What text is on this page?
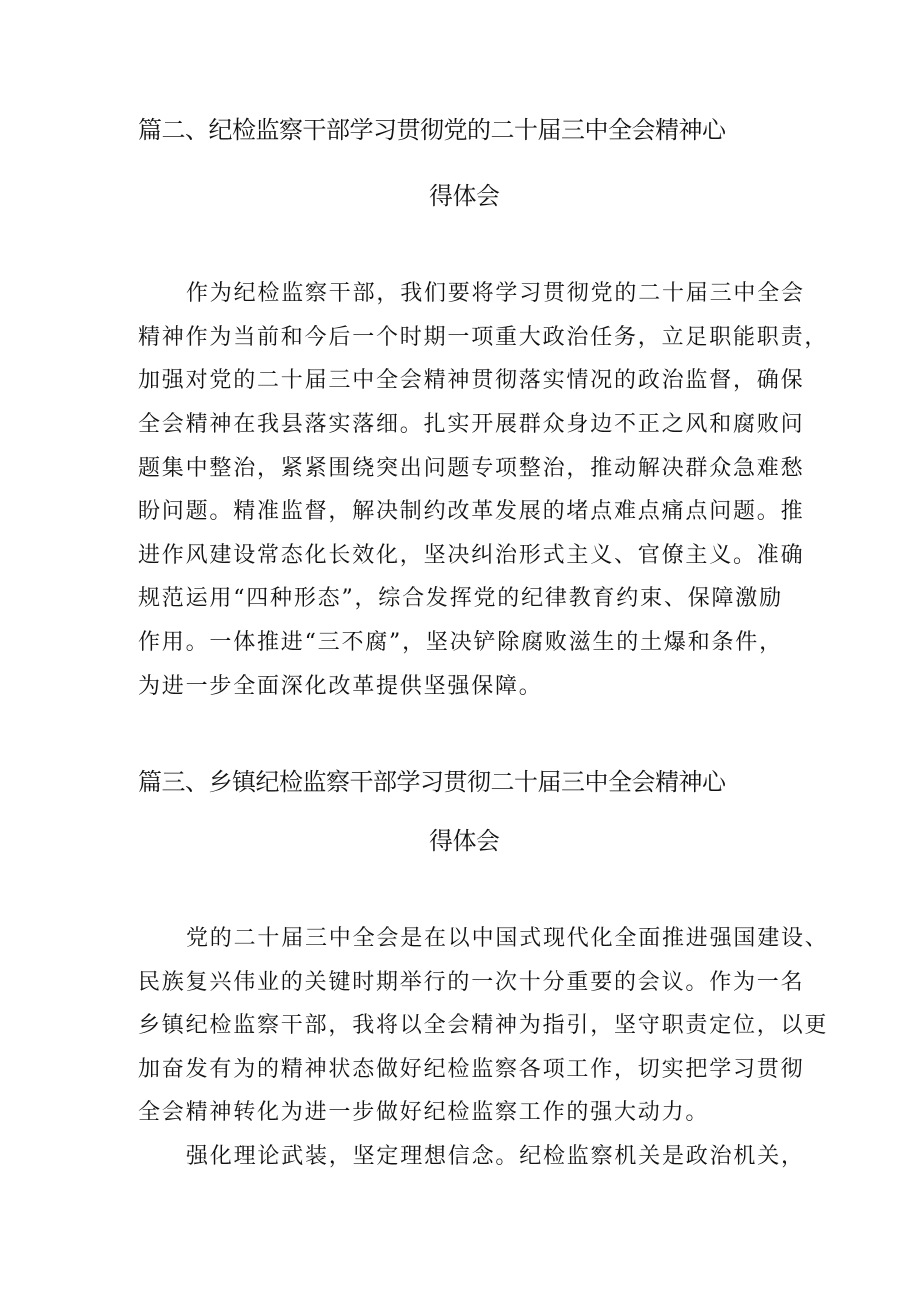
篇二、纪检监察干部学习贯彻党的二十届三中全会精神心
得体会
作为纪检监察干部，我们要将学习贯彻党的二十届三中全会
精神作为当前和今后一个时期一项重大政治任务，立足职能职责，
加强对党的二十届三中全会精神贯彻落实情况的政治监督，确保
全会精神在我县落实落细。扎实开展群众身边不正之风和腐败问
题集中整治，紧紧围绕突出问题专项整治，推动解决群众急难愁
盼问题。精准监督，解决制约改革发展的堵点难点痛点问题。推
进作风建设常态化长效化，坚决纠治形式主义、官僚主义。准确
规范运用“四种形态”，综合发挥党的纪律教育约束、保障激励
作用。一体推进“三不腐”，坚决铲除腐败滋生的土爆和条件，
为进一步全面深化改革提供坚强保障。
篇三、乡镇纪检监察干部学习贯彻二十届三中全会精神心
得体会
党的二十届三中全会是在以中国式现代化全面推进强国建设、
民族复兴伟业的关键时期举行的一次十分重要的会议。作为一名
乡镇纪检监察干部，我将以全会精神为指引，坚守职责定位，以更
加奋发有为的精神状态做好纪检监察各项工作，切实把学习贯彻
全会精神转化为进一步做好纪检监察工作的强大动力。
强化理论武装，坚定理想信念。纪检监察机关是政治机关，
